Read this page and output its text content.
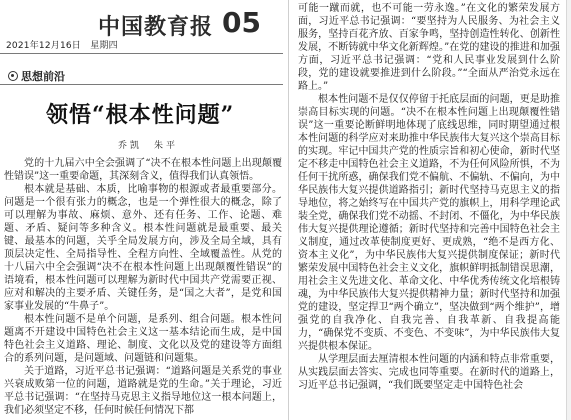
中国教育报 05
2021年12月16日　星期四
思想前沿
领悟“根本性问题”
乔凯　朱平

党的十九届六中全会强调了“决不在根本性问题上出现颠覆性错误”这一重要命题，其深刻含义，值得我们认真领悟。

根本就是基础、本质，比喻事物的根源或者最重要部分。问题是一个很有张力的概念，也是一个弹性很大的概念，除了可以理解为事故、麻烦、意外、还有任务、工作、论题、难题、矛盾、疑问等多种含义。根本性问题就是最重要、最关键、最基本的问题，关乎全局发展方向，涉及全局全域，具有顶层决定性、全局指导性、全程方向性、全域覆盖性。从党的十八届六中全会强调“决不在根本性问题上出现颠覆性错误”的语境看，根本性问题可以理解为新时代中国共产党需要正视、应对和解决的主要矛盾、关键任务，是“国之大者”，是党和国家事业发展的“牛鼻子”。

根本性问题不是单个问题，是系列、组合问题。根本性问题离不开建设中国特色社会主义这一基本结论而生成，是中国特色社会主义道路、理论、制度、文化以及党的建设等方面组合的系列问题，是问题域、问题链和问题集。

关于道路，习近平总书记强调：“道路问题是关系党的事业兴衰成败第一位的问题，道路就是党的生命。”关于理论，习近平总书记强调：“在坚持马克思主义指导地位这一根本问题上，我们必须坚定不移，任何时候任何情况下都

可能一蹴而就，也不可能一劳永逸。”在文化的繁荣发展方面，习近平总书记强调：“要坚持为人民服务、为社会主义服务，坚持百花齐放、百家争鸣，坚持创造性转化、创新性发展，不断铸就中华文化新辉煌。”在党的建设的推进和加强方面，习近平总书记强调：“党和人民事业发展到什么阶段，党的建设就要推进到什么阶段。”“全面从严治党永远在路上。”

根本性问题不是仅仅停留于托底层面的问题，更是助推崇高目标实现的问题。“决不在根本性问题上出现颠覆性错误”这一重要论断鲜明地体现了底线思维，同时期望通过根本性问题的科学应对来助推中华民族伟大复兴这个崇高目标的实现。牢记中国共产党的性质宗旨和初心使命，新时代坚定不移走中国特色社会主义道路，不为任何风险所惧，不为任何干扰所惑，确保我们党不偏航、不偏轨、不偏向，为中华民族伟大复兴提供道路指引；新时代坚持马克思主义的指导地位，将之始终写在中国共产党的旗帜上，用科学理论武装全党，确保我们党不动摇、不封闭、不僵化，为中华民族伟大复兴提供理论遵循；新时代坚持和完善中国特色社会主义制度，通过改革使制度更好、更成熟，“绝不是西方化、资本主义化”，为中华民族伟大复兴提供制度保证；新时代繁荣发展中国特色社会主义文化，旗帜鲜明抵制错误思潮，用社会主义先进文化、革命文化、中华优秀传统文化培根铸魂，为中华民族伟大复兴提供精神力量；新时代坚持和加强党的建设，坚定捍卫“两个确立”，坚决做到“两个维护”，增强党的自我净化、自我完善、自我革新、自我提高能力，“确保党不变质、不变色、不变味”，为中华民族伟大复兴提供根本保证。

从学理层面去厘清根本性问题的内涵和特点非常重要，从实践层面去答实、完成也同等重要。在新时代的道路上，习近平总书记强调，“我们既要坚定走中国特色社会
